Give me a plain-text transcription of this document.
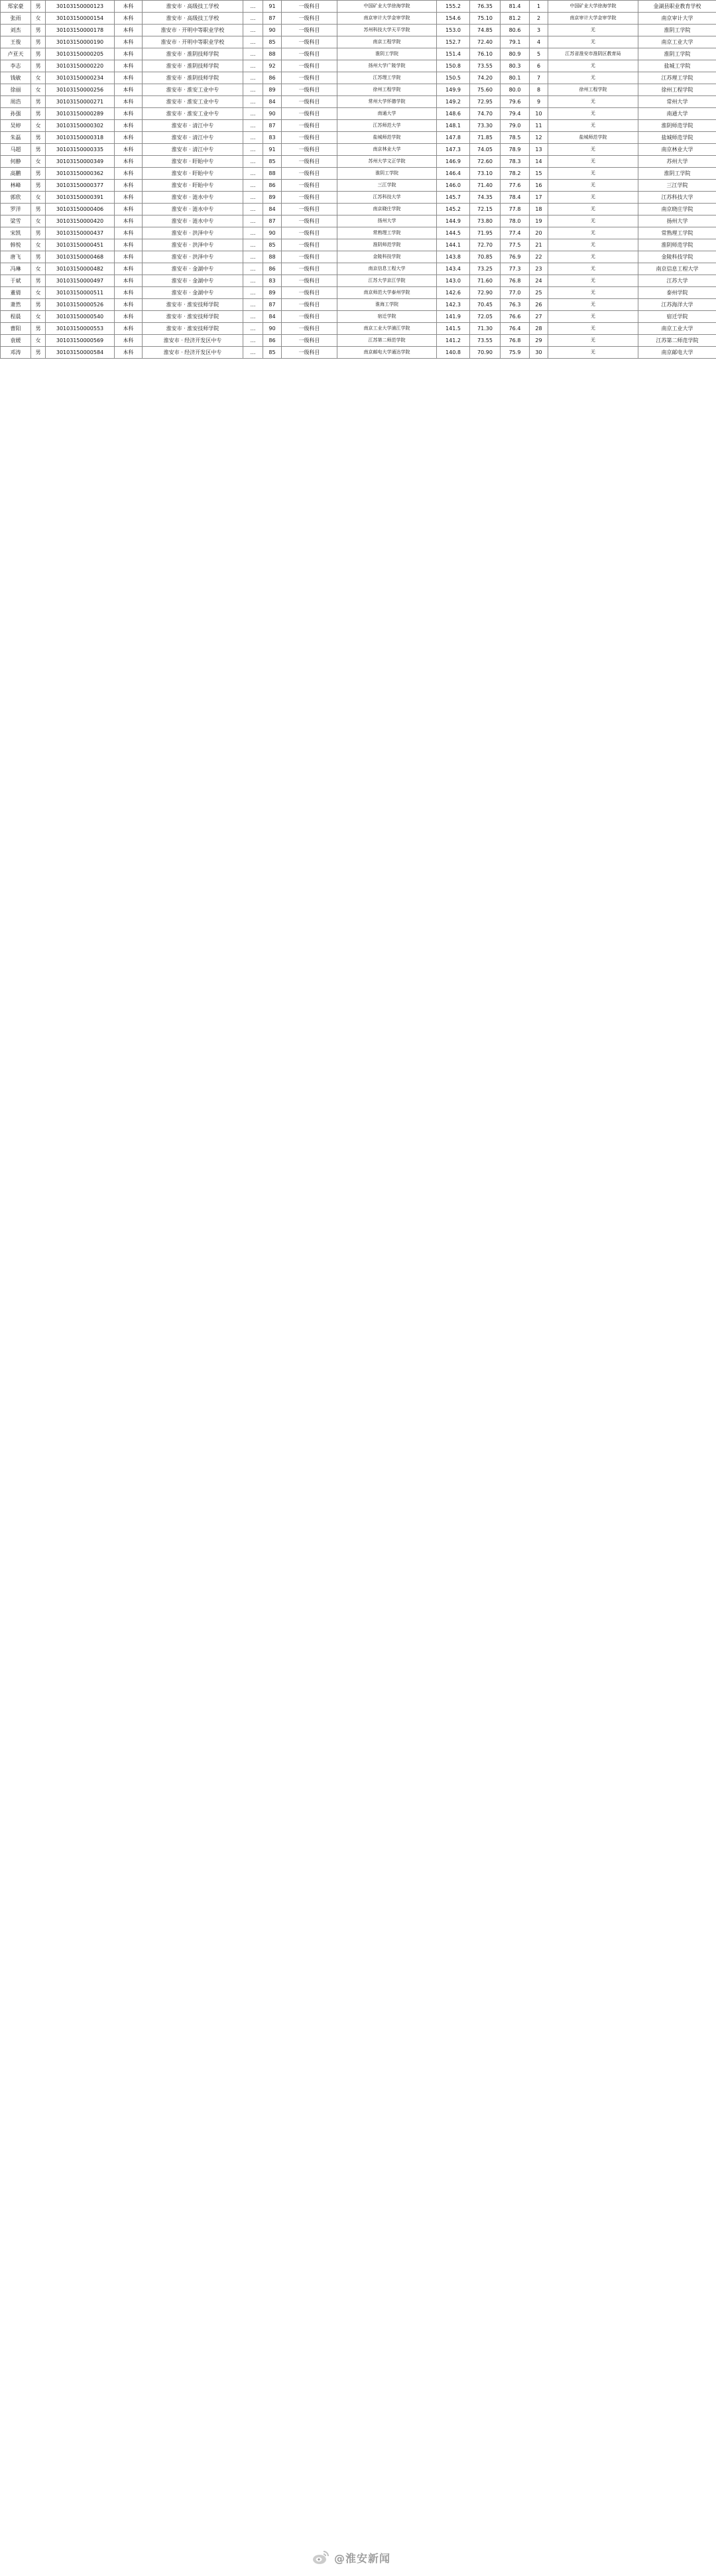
郑家豪	男	30103150000123	本科	淮安市 · 高级技工学校	…	91	一级科目	中国矿业大学徐海学院	155.2	76.35	81.4	1	中国矿业大学徐海学院	金湖县职业教育学校
张雨	女	30103150000154	本科	淮安市 · 高级技工学校	…	87	一级科目	南京审计大学金审学院	154.6	75.10	81.2	2	南京审计大学金审学院	南京审计大学
刘杰	男	30103150000178	本科	淮安市 · 开明中等职业学校	…	90	一级科目	苏州科技大学天平学院	153.0	74.85	80.6	3	无	淮阴工学院
王俊	男	30103150000190	本科	淮安市 · 开明中等职业学校	…	85	一级科目	南京工程学院	152.7	72.40	79.1	4	无	南京工业大学
卢亚天	男	30103150000205	本科	淮安市 · 淮阴技师学院	…	88	一级科目	淮阴工学院	151.4	76.10	80.9	5	江苏省淮安市淮阴区教育局	淮阴工学院
李志	男	30103150000220	本科	淮安市 · 淮阴技师学院	…	92	一级科目	扬州大学广陵学院	150.8	73.55	80.3	6	无	盐城工学院
钱敏	女	30103150000234	本科	淮安市 · 淮阴技师学院	…	86	一级科目	江苏理工学院	150.5	74.20	80.1	7	无	江苏理工学院
徐丽	女	30103150000256	本科	淮安市 · 淮安工业中专	…	89	一级科目	徐州工程学院	149.9	75.60	80.0	8	徐州工程学院	徐州工程学院
周浩	男	30103150000271	本科	淮安市 · 淮安工业中专	…	84	一级科目	常州大学怀德学院	149.2	72.95	79.6	9	无	常州大学
孙强	男	30103150000289	本科	淮安市 · 淮安工业中专	…	90	一级科目	南通大学	148.6	74.70	79.4	10	无	南通大学
吴婷	女	30103150000302	本科	淮安市 · 清江中专	…	87	一级科目	江苏师范大学	148.1	73.30	79.0	11	无	淮阴师范学院
朱磊	男	30103150000318	本科	淮安市 · 清江中专	…	83	一级科目	盐城师范学院	147.8	71.85	78.5	12	盐城师范学院	盐城师范学院
马超	男	30103150000335	本科	淮安市 · 清江中专	…	91	一级科目	南京林业大学	147.3	74.05	78.9	13	无	南京林业大学
何静	女	30103150000349	本科	淮安市 · 盱眙中专	…	85	一级科目	苏州大学文正学院	146.9	72.60	78.3	14	无	苏州大学
高鹏	男	30103150000362	本科	淮安市 · 盱眙中专	…	88	一级科目	淮阴工学院	146.4	73.10	78.2	15	无	淮阴工学院
林峰	男	30103150000377	本科	淮安市 · 盱眙中专	…	86	一级科目	三江学院	146.0	71.40	77.6	16	无	三江学院
郭欣	女	30103150000391	本科	淮安市 · 涟水中专	…	89	一级科目	江苏科技大学	145.7	74.35	78.4	17	无	江苏科技大学
罗洋	男	30103150000406	本科	淮安市 · 涟水中专	…	84	一级科目	南京晓庄学院	145.2	72.15	77.8	18	无	南京晓庄学院
梁雪	女	30103150000420	本科	淮安市 · 涟水中专	…	87	一级科目	扬州大学	144.9	73.80	78.0	19	无	扬州大学
宋凯	男	30103150000437	本科	淮安市 · 洪泽中专	…	90	一级科目	常熟理工学院	144.5	71.95	77.4	20	无	常熟理工学院
韩悦	女	30103150000451	本科	淮安市 · 洪泽中专	…	85	一级科目	淮阴师范学院	144.1	72.70	77.5	21	无	淮阴师范学院
唐飞	男	30103150000468	本科	淮安市 · 洪泽中专	…	88	一级科目	金陵科技学院	143.8	70.85	76.9	22	无	金陵科技学院
冯琳	女	30103150000482	本科	淮安市 · 金湖中专	…	86	一级科目	南京信息工程大学	143.4	73.25	77.3	23	无	南京信息工程大学
于斌	男	30103150000497	本科	淮安市 · 金湖中专	…	83	一级科目	江苏大学京江学院	143.0	71.60	76.8	24	无	江苏大学
董倩	女	30103150000511	本科	淮安市 · 金湖中专	…	89	一级科目	南京师范大学泰州学院	142.6	72.90	77.0	25	无	泰州学院
萧然	男	30103150000526	本科	淮安市 · 淮安技师学院	…	87	一级科目	淮海工学院	142.3	70.45	76.3	26	无	江苏海洋大学
程晨	女	30103150000540	本科	淮安市 · 淮安技师学院	…	84	一级科目	宿迁学院	141.9	72.05	76.6	27	无	宿迁学院
曹阳	男	30103150000553	本科	淮安市 · 淮安技师学院	…	90	一级科目	南京工业大学浦江学院	141.5	71.30	76.4	28	无	南京工业大学
袁媛	女	30103150000569	本科	淮安市 · 经济开发区中专	…	86	一级科目	江苏第二师范学院	141.2	73.55	76.8	29	无	江苏第二师范学院
邓涛	男	30103150000584	本科	淮安市 · 经济开发区中专	…	85	一级科目	南京邮电大学通达学院	140.8	70.90	75.9	30	无	南京邮电大学
@淮安新闻
